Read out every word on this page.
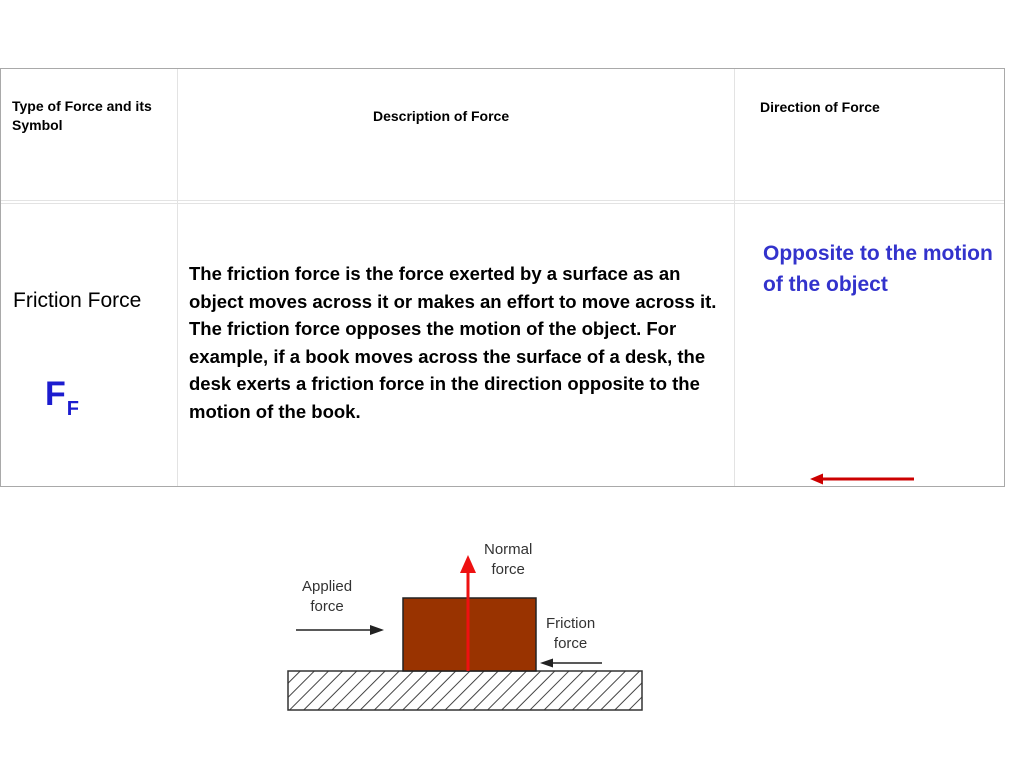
Type of Force and its Symbol
Description of Force
Direction of Force
Friction Force
FF
The friction force is the force exerted by a surface as an object moves across it or makes an effort to move across it. The friction force opposes the motion of the object. For example, if a book moves across the surface of a desk, the desk exerts a friction force in the direction opposite to the motion of the book.
Opposite to the motion of the object
Applied
force
Normal
force
Friction
force
